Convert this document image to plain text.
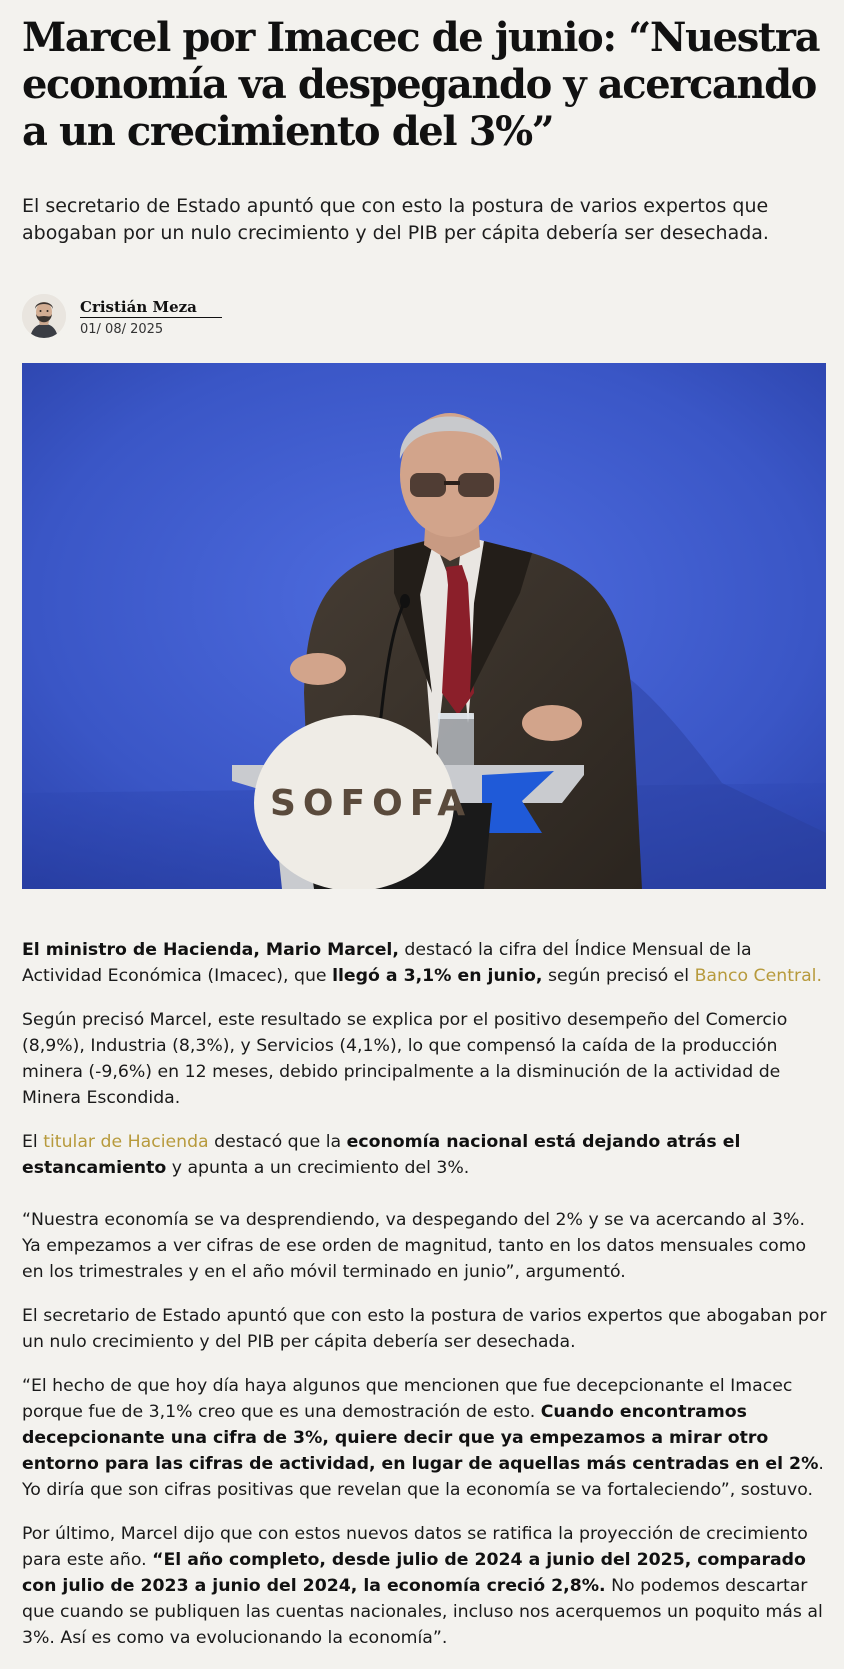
Marcel por Imacec de junio: “Nuestra economía va despegando y acercando a un crecimiento del 3%”

El secretario de Estado apuntó que con esto la postura de varios expertos que abogaban por un nulo crecimiento y del PIB per cápita debería ser desechada.

Cristián Meza
01/ 08/ 2025
SOFOFA

El ministro de Hacienda, Mario Marcel, destacó la cifra del Índice Mensual de la Actividad Económica (Imacec), que llegó a 3,1% en junio, según precisó el Banco Central.

Según precisó Marcel, este resultado se explica por el positivo desempeño del Comercio (8,9%), Industria (8,3%), y Servicios (4,1%), lo que compensó la caída de la producción minera (-9,6%) en 12 meses, debido principalmente a la disminución de la actividad de Minera Escondida.

El titular de Hacienda destacó que la economía nacional está dejando atrás el estancamiento y apunta a un crecimiento del 3%.

“Nuestra economía se va desprendiendo, va despegando del 2% y se va acercando al 3%. Ya empezamos a ver cifras de ese orden de magnitud, tanto en los datos mensuales como en los trimestrales y en el año móvil terminado en junio”, argumentó.

El secretario de Estado apuntó que con esto la postura de varios expertos que abogaban por un nulo crecimiento y del PIB per cápita debería ser desechada.

“El hecho de que hoy día haya algunos que mencionen que fue decepcionante el Imacec porque fue de 3,1% creo que es una demostración de esto. Cuando encontramos decepcionante una cifra de 3%, quiere decir que ya empezamos a mirar otro entorno para las cifras de actividad, en lugar de aquellas más centradas en el 2%. Yo diría que son cifras positivas que revelan que la economía se va fortaleciendo”, sostuvo.

Por último, Marcel dijo que con estos nuevos datos se ratifica la proyección de crecimiento para este año. “El año completo, desde julio de 2024 a junio del 2025, comparado con julio de 2023 a junio del 2024, la economía creció 2,8%. No podemos descartar que cuando se publiquen las cuentas nacionales, incluso nos acerquemos un poquito más al 3%. Así es como va evolucionando la economía”.
